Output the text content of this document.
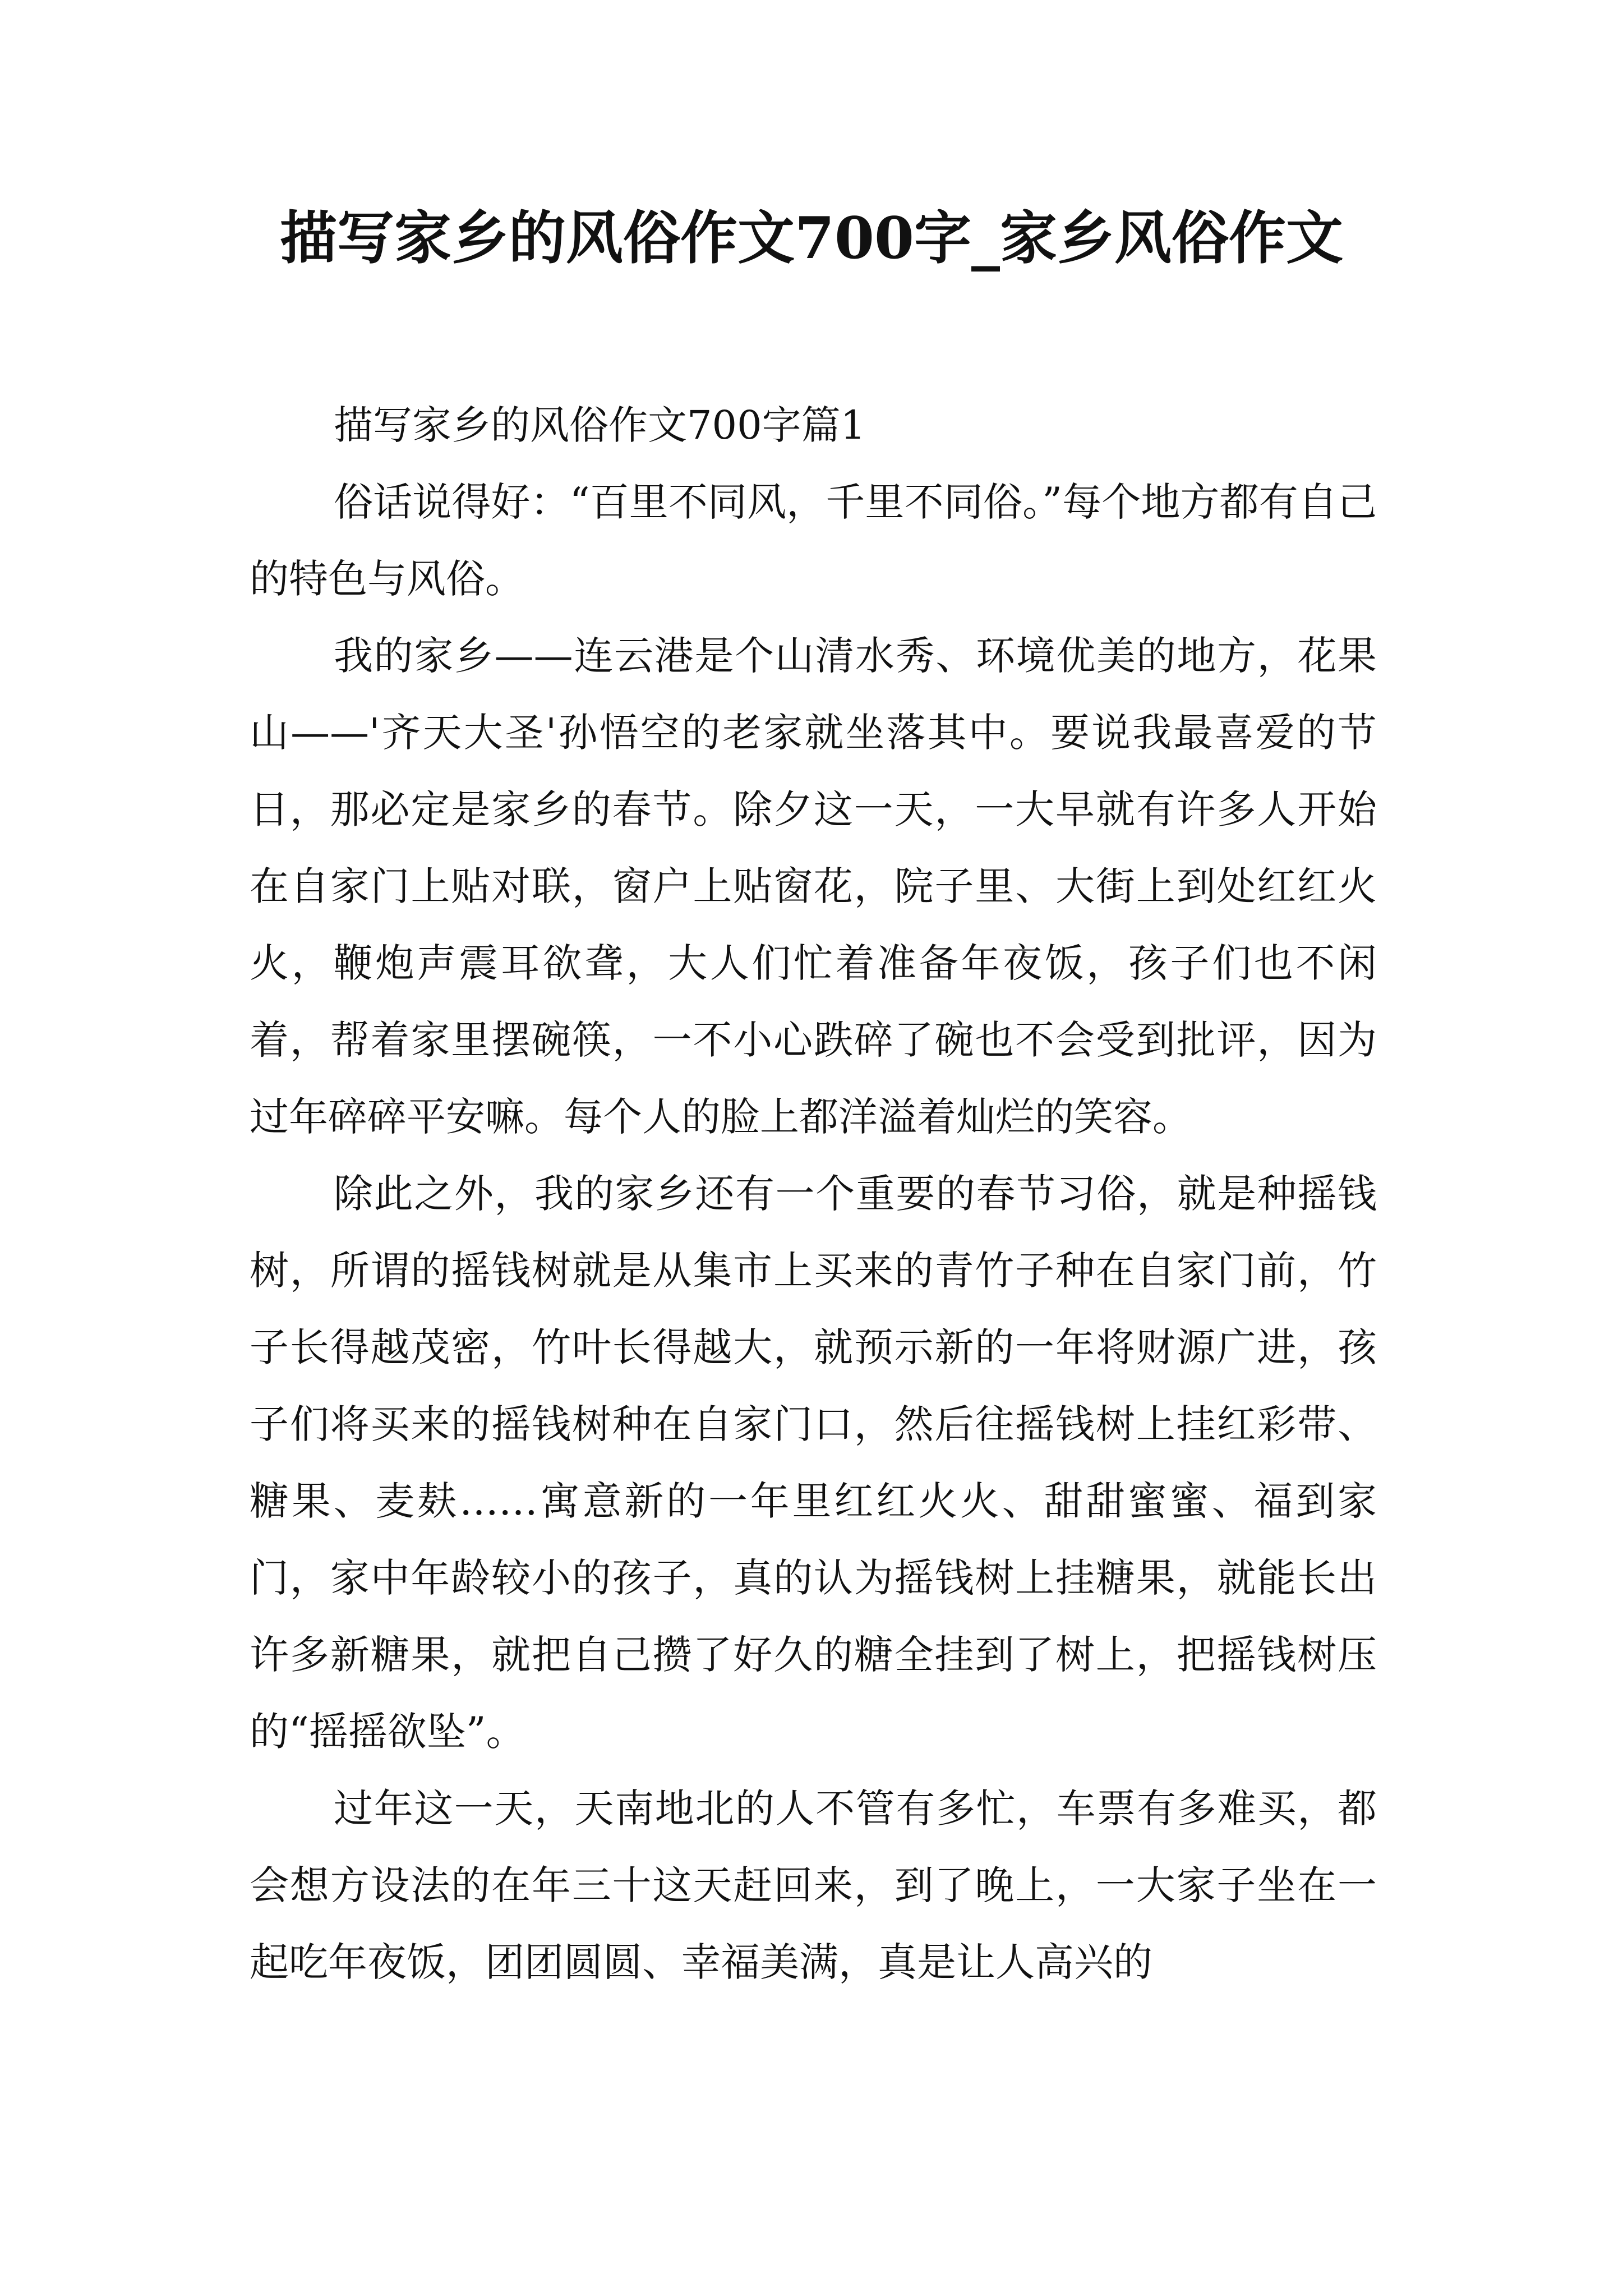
描写家乡的风俗作文700字_家乡风俗作文

描写家乡的风俗作文700字篇1

俗话说得好：“百里不同风，千里不同俗。”每个地方都有自己的特色与风俗。

我的家乡——连云港是个山清水秀、环境优美的地方，花果山——'齐天大圣'孙悟空的老家就坐落其中。要说我最喜爱的节日，那必定是家乡的春节。除夕这一天，一大早就有许多人开始在自家门上贴对联，窗户上贴窗花，院子里、大街上到处红红火火，鞭炮声震耳欲聋，大人们忙着准备年夜饭，孩子们也不闲着，帮着家里摆碗筷，一不小心跌碎了碗也不会受到批评，因为过年碎碎平安嘛。每个人的脸上都洋溢着灿烂的笑容。

除此之外，我的家乡还有一个重要的春节习俗，就是种摇钱树，所谓的摇钱树就是从集市上买来的青竹子种在自家门前，竹子长得越茂密，竹叶长得越大，就预示新的一年将财源广进，孩子们将买来的摇钱树种在自家门口，然后往摇钱树上挂红彩带、糖果、麦麸……寓意新的一年里红红火火、甜甜蜜蜜、福到家门，家中年龄较小的孩子，真的认为摇钱树上挂糖果，就能长出许多新糖果，就把自己攒了好久的糖全挂到了树上，把摇钱树压的“摇摇欲坠”。

过年这一天，天南地北的人不管有多忙，车票有多难买，都会想方设法的在年三十这天赶回来，到了晚上，一大家子坐在一起吃年夜饭，团团圆圆、幸福美满，真是让人高兴的
